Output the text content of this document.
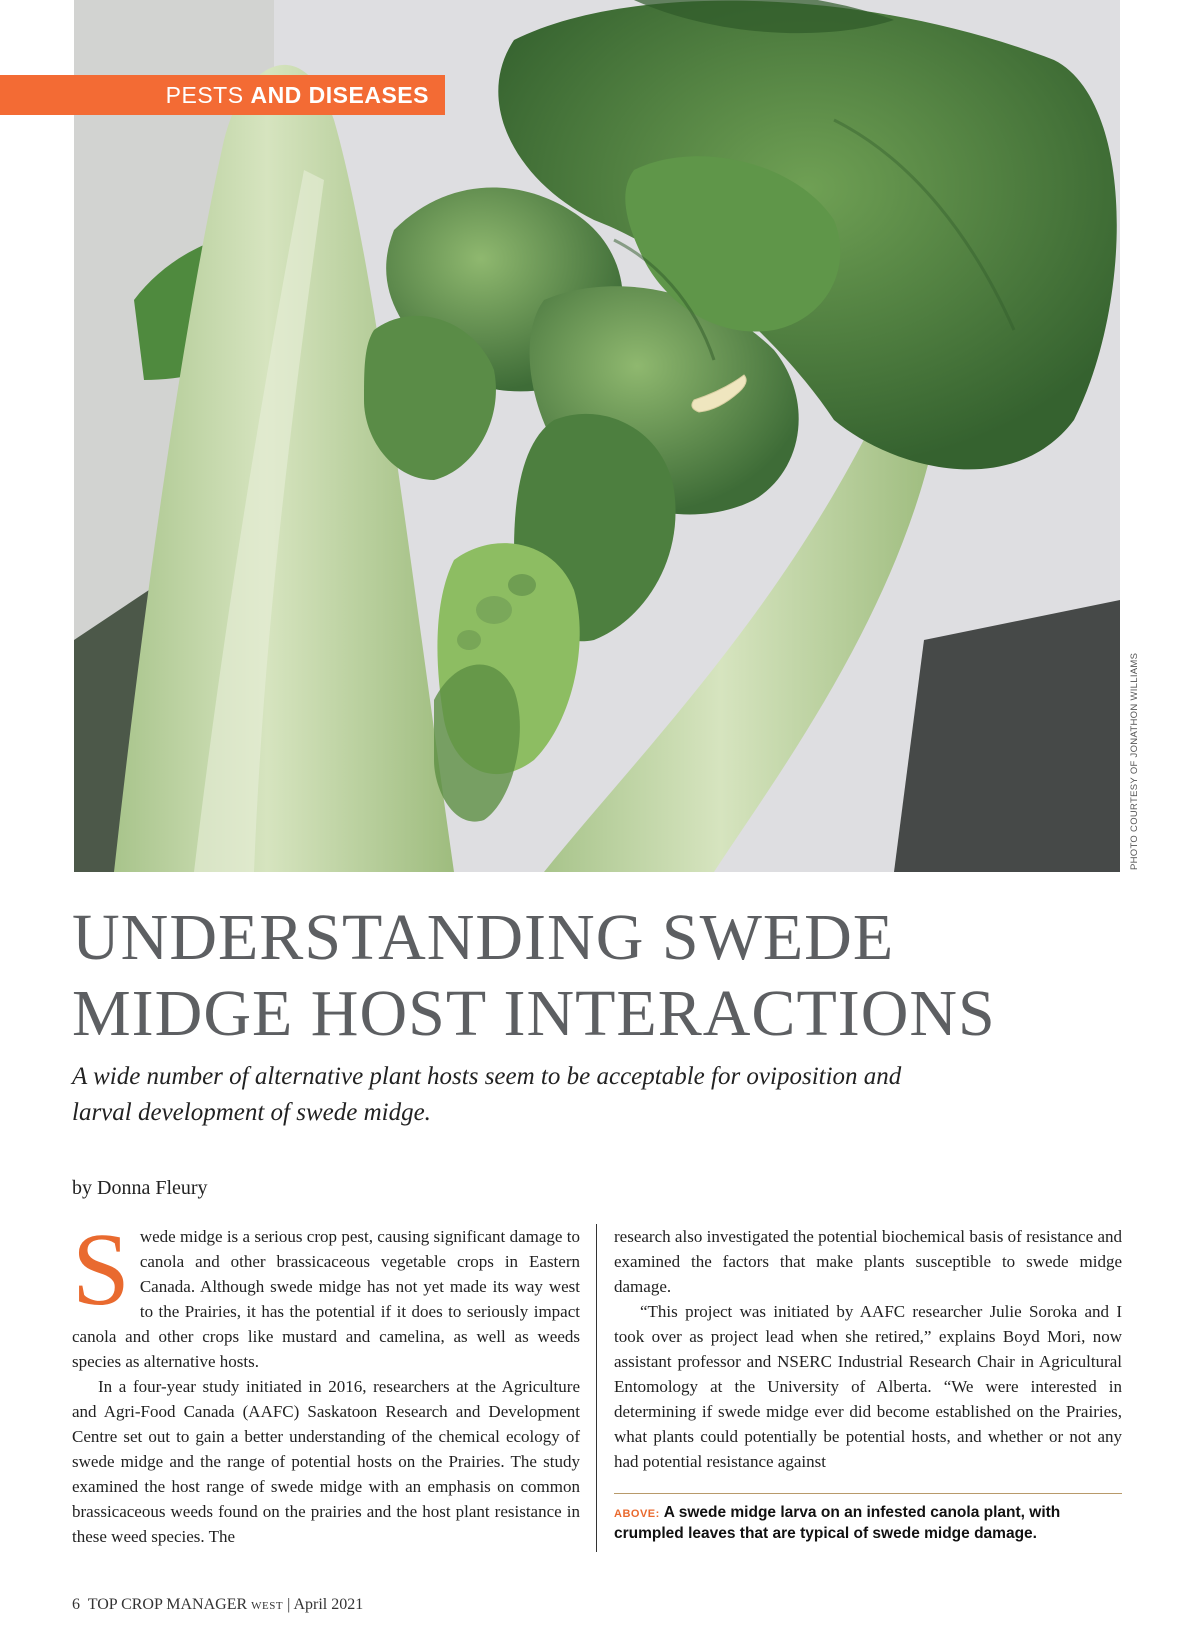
PESTS AND DISEASES
PHOTO COURTESY OF JONATHON WILLIAMS
UNDERSTANDING SWEDE MIDGE HOST INTERACTIONS

A wide number of alternative plant hosts seem to be acceptable for oviposition and larval development of swede midge.

by Donna Fleury

Swede midge is a serious crop pest, causing significant damage to canola and other brassicaceous vegetable crops in Eastern Canada. Although swede midge has not yet made its way west to the Prairies, it has the potential if it does to seriously impact canola and other crops like mustard and camelina, as well as weeds species as alternative hosts.

In a four-year study initiated in 2016, researchers at the Agriculture and Agri-Food Canada (AAFC) Saskatoon Research and Development Centre set out to gain a better understanding of the chemical ecology of swede midge and the range of potential hosts on the Prairies. The study examined the host range of swede midge with an emphasis on common brassicaceous weeds found on the prairies and the host plant resistance in these weed species. The

research also investigated the potential biochemical basis of resistance and examined the factors that make plants susceptible to swede midge damage.

“This project was initiated by AAFC researcher Julie Soroka and I took over as project lead when she retired,” explains Boyd Mori, now assistant professor and NSERC Industrial Research Chair in Agricultural Entomology at the University of Alberta. “We were interested in determining if swede midge ever did become established on the Prairies, what plants could potentially be potential hosts, and whether or not any had potential resistance against

ABOVE: A swede midge larva on an infested canola plant, with crumpled leaves that are typical of swede midge damage.
6 TOP CROP MANAGER WEST | April 2021
